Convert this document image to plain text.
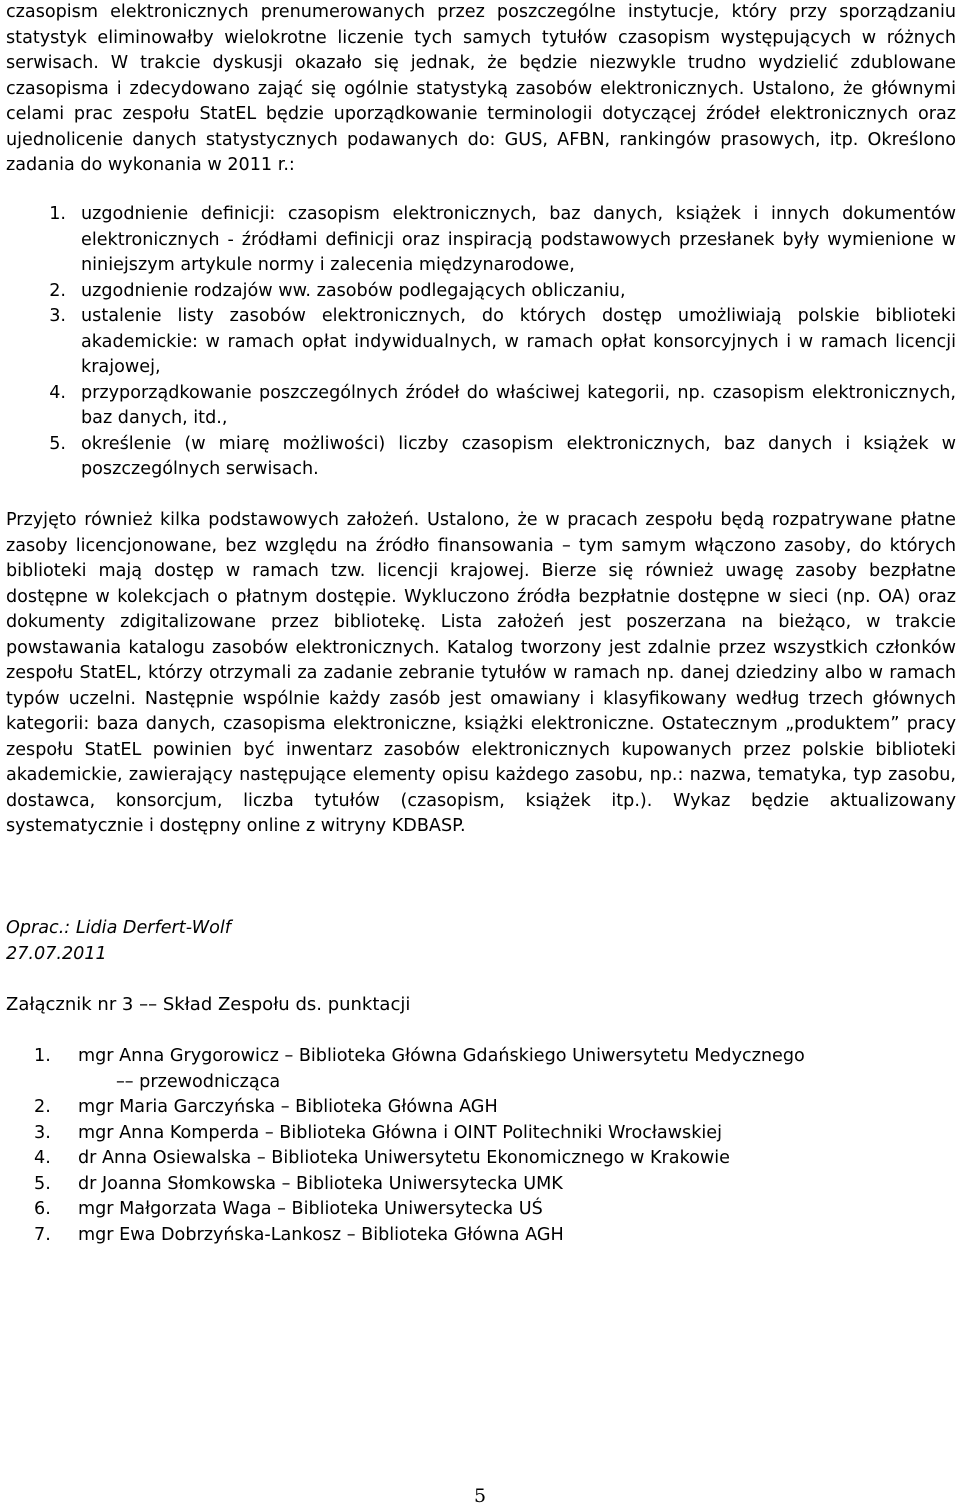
czasopism elektronicznych prenumerowanych przez poszczególne instytucje, który przy sporządzaniu statystyk eliminowałby wielokrotne liczenie tych samych tytułów czasopism występujących w różnych serwisach. W trakcie dyskusji okazało się jednak, że będzie niezwykle trudno wydzielić zdublowane czasopisma i zdecydowano zająć się ogólnie statystyką zasobów elektronicznych. Ustalono, że głównymi celami prac zespołu StatEL będzie uporządkowanie terminologii dotyczącej źródeł elektronicznych oraz ujednolicenie danych statystycznych podawanych do: GUS, AFBN, rankingów prasowych, itp. Określono zadania do wykonania w 2011 r.:

1. uzgodnienie definicji: czasopism elektronicznych, baz danych, książek i innych dokumentów elektronicznych - źródłami definicji oraz inspiracją podstawowych przesłanek były wymienione w niniejszym artykule normy i zalecenia międzynarodowe,
2. uzgodnienie rodzajów ww. zasobów podlegających obliczaniu,
3. ustalenie listy zasobów elektronicznych, do których dostęp umożliwiają polskie biblioteki akademickie: w ramach opłat indywidualnych, w ramach opłat konsorcyjnych i w ramach licencji krajowej,
4. przyporządkowanie poszczególnych źródeł do właściwej kategorii, np. czasopism elektronicznych, baz danych, itd.,
5. określenie (w miarę możliwości) liczby czasopism elektronicznych, baz danych i książek w poszczególnych serwisach.

Przyjęto również kilka podstawowych założeń. Ustalono, że w pracach zespołu będą rozpatrywane płatne zasoby licencjonowane, bez względu na źródło finansowania – tym samym włączono zasoby, do których biblioteki mają dostęp w ramach tzw. licencji krajowej. Bierze się również uwagę zasoby bezpłatne dostępne w kolekcjach o płatnym dostępie. Wykluczono źródła bezpłatnie dostępne w sieci (np. OA) oraz dokumenty zdigitalizowane przez bibliotekę. Lista założeń jest poszerzana na bieżąco, w trakcie powstawania katalogu zasobów elektronicznych. Katalog tworzony jest zdalnie przez wszystkich członków zespołu StatEL, którzy otrzymali za zadanie zebranie tytułów w ramach np. danej dziedziny albo w ramach typów uczelni. Następnie wspólnie każdy zasób jest omawiany i klasyfikowany według trzech głównych kategorii: baza danych, czasopisma elektroniczne, książki elektroniczne. Ostatecznym „produktem” pracy zespołu StatEL powinien być inwentarz zasobów elektronicznych kupowanych przez polskie biblioteki akademickie, zawierający następujące elementy opisu każdego zasobu, np.: nazwa, tematyka, typ zasobu, dostawca, konsorcjum, liczba tytułów (czasopism, książek itp.). Wykaz będzie aktualizowany systematycznie i dostępny online z witryny KDBASP.

Oprac.: Lidia Derfert-Wolf
27.07.2011
Załącznik nr 3 –– Skład Zespołu ds. punktacji
1. mgr Anna Grygorowicz – Biblioteka Główna Gdańskiego Uniwersytetu Medycznego
–– przewodnicząca
2. mgr Maria Garczyńska – Biblioteka Główna AGH
3. mgr Anna Komperda – Biblioteka Główna i OINT Politechniki Wrocławskiej
4. dr Anna Osiewalska – Biblioteka Uniwersytetu Ekonomicznego w Krakowie
5. dr Joanna Słomkowska – Biblioteka Uniwersytecka UMK
6. mgr Małgorzata Waga – Biblioteka Uniwersytecka UŚ
7. mgr Ewa Dobrzyńska-Lankosz – Biblioteka Główna AGH
5
